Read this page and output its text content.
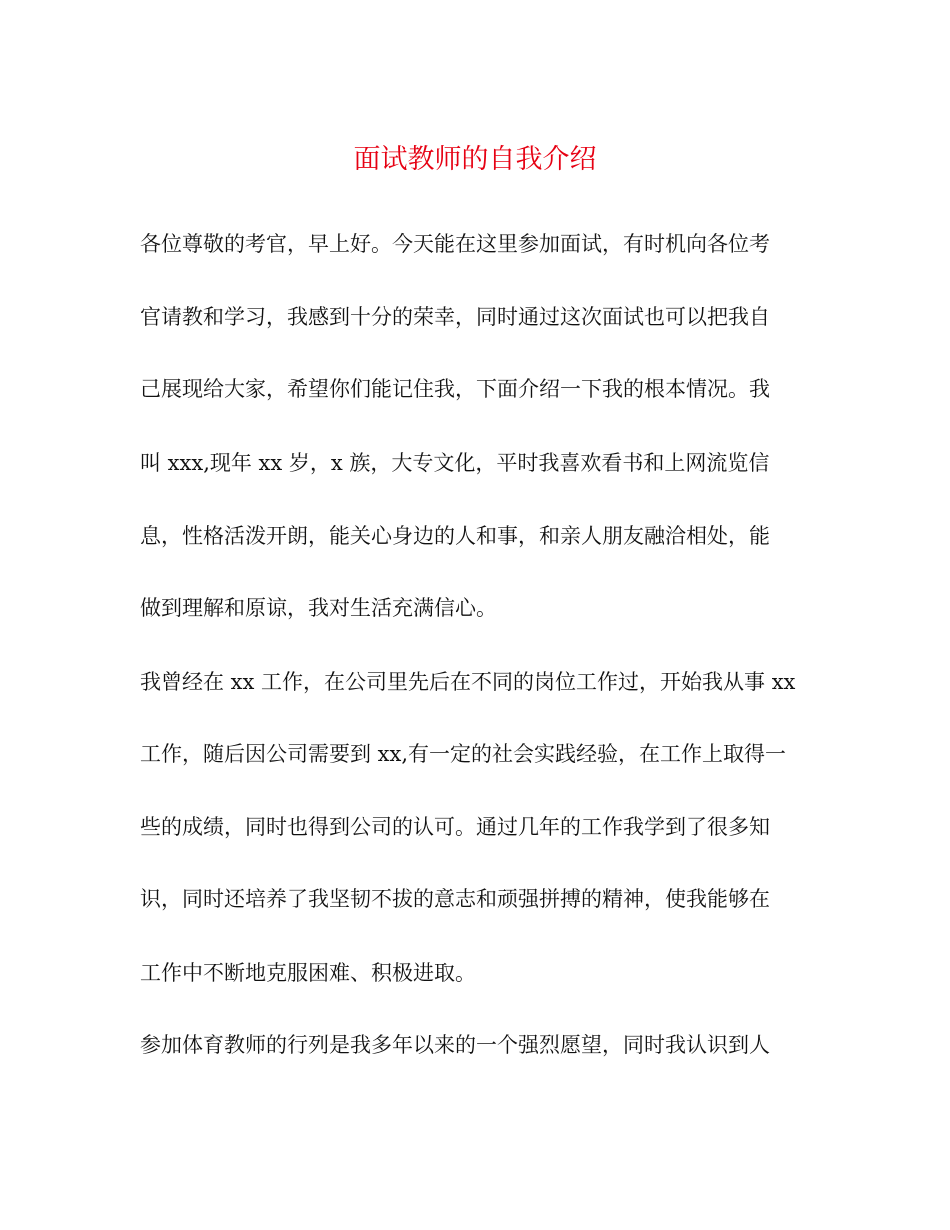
面试教师的自我介绍

各位尊敬的考官，早上好。今天能在这里参加面试，有时机向各位考

官请教和学习，我感到十分的荣幸，同时通过这次面试也可以把我自

己展现给大家，希望你们能记住我，下面介绍一下我的根本情况。我

叫 xxx,现年 xx 岁，x 族，大专文化，平时我喜欢看书和上网流览信

息，性格活泼开朗，能关心身边的人和事，和亲人朋友融洽相处，能

做到理解和原谅，我对生活充满信心。

我曾经在 xx 工作，在公司里先后在不同的岗位工作过，开始我从事 xx

工作，随后因公司需要到 xx,有一定的社会实践经验，在工作上取得一

些的成绩，同时也得到公司的认可。通过几年的工作我学到了很多知

识，同时还培养了我坚韧不拔的意志和顽强拼搏的精神，使我能够在

工作中不断地克服困难、积极进取。

参加体育教师的行列是我多年以来的一个强烈愿望，同时我认识到人
